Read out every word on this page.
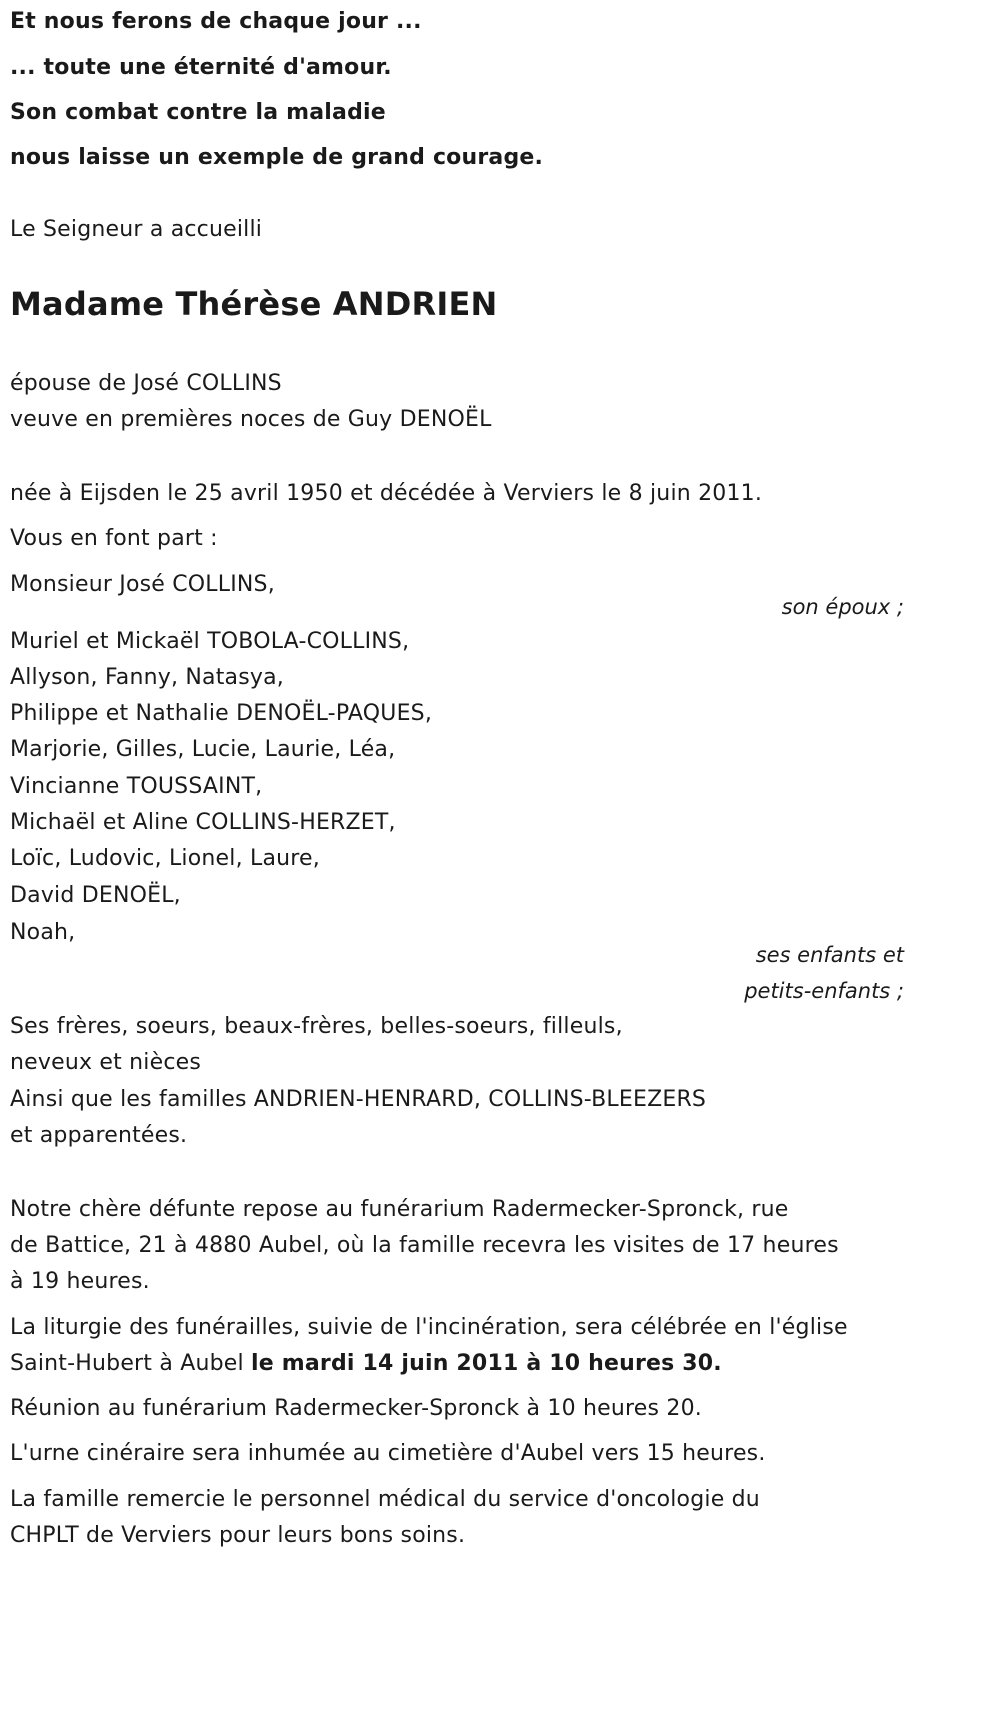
Et nous ferons de chaque jour ...
... toute une éternité d'amour.
Son combat contre la maladie
nous laisse un exemple de grand courage.
Le Seigneur a accueilli
Madame Thérèse ANDRIEN
épouse de José COLLINS
veuve en premières noces de Guy DENOËL
née à Eijsden le 25 avril 1950 et décédée à Verviers le 8 juin 2011.
Vous en font part :
Monsieur José COLLINS,
son époux ;
Muriel et Mickaël TOBOLA-COLLINS,
Allyson, Fanny, Natasya,
Philippe et Nathalie DENOËL-PAQUES,
Marjorie, Gilles, Lucie, Laurie, Léa,
Vincianne TOUSSAINT,
Michaël et Aline COLLINS-HERZET,
Loïc, Ludovic, Lionel, Laure,
David DENOËL,
Noah,
ses enfants et
petits-enfants ;
Ses frères, soeurs, beaux-frères, belles-soeurs, filleuls,
neveux et nièces
Ainsi que les familles ANDRIEN-HENRARD, COLLINS-BLEEZERS
et apparentées.
Notre chère défunte repose au funérarium Radermecker-Spronck, rue
de Battice, 21 à 4880 Aubel, où la famille recevra les visites de 17 heures
à 19 heures.
La liturgie des funérailles, suivie de l'incinération, sera célébrée en l'église
Saint-Hubert à Aubel le mardi 14 juin 2011 à 10 heures 30.
Réunion au funérarium Radermecker-Spronck à 10 heures 20.
L'urne cinéraire sera inhumée au cimetière d'Aubel vers 15 heures.
La famille remercie le personnel médical du service d'oncologie du
CHPLT de Verviers pour leurs bons soins.
